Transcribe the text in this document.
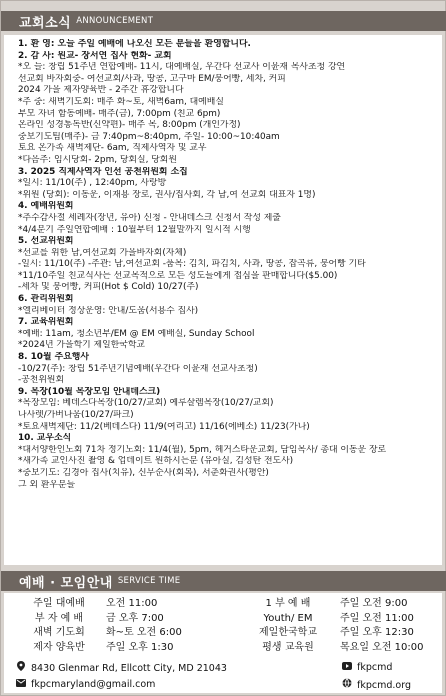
교회소식 ANNOUNCEMENT
1. 환 영: 오늘 주일 예배에 나오신 모든 분들을 환영합니다.
2. 감 사: 원교- 장서연 집사 현화- 교회
*오 늘: 창립 51주년 연합예배- 11시, 대예배실, 우간다 선교사 이윤재 목사초청 강연
선교회 바자회중- 여선교회/사과, 땅콩, 고구마 EM/붕어빵, 세차, 커피
2024 가을 제자양육반 - 2주간 휴강합니다
*주 중: 새벽기도회: 매주 화~토, 새벽6am, 대예배실
부모 자녀 함동예배- 매주(금), 7:00pm (친교 6pm)
온라인 성경통독반(신약편)- 매주 목, 8:00pm (개인가정)
중보기도팀(매주)- 금 7:40pm~8:40pm, 주일- 10:00~10:40am
토요 온가족 새벽제단- 6am, 직제사역자 및 교우
*다음주: 임시당회- 2pm, 당회실, 당회원
3. 2025 직제사역자 인선 공천위원회 소집
*일시: 11/10(주) , 12:40pm, 사랑방
*위원 (당회): 이동운, 이재용 장로, 권사/집사회, 각 남,여 선교회 대표자 1명)
4. 예배위원회
*추수감사절 세례자(장년, 유아) 신청 - 안내데스크 신청서 작성 제출
*4/4분기 주일연합예배 : 10월부터 12월말까지 일시적 시행
5. 선교위원회
*선교를 위한 남,여선교회 가을바자회(자체)
-일시: 11/10(주) -주관: 남,여선교회 -품목: 김치, 파김치, 사과, 땅콩, 잡곡류, 붕어빵 기타
*11/10주일 친교식사는 선교목적으로 모든 성도들에게 접심을 판매합니다($5.00)
-세차 및 붕어빵, 커피(Hot $ Cold) 10/27(주)
6. 관리위원회
*엘리베이터 정상운영: 안내/도움(서용수 집사)
7. 교육위원회
*예배: 11am, 청소년부/EM @ EM 예배실, Sunday School
*2024년 가을학기 제일한국학교
8. 10월 주요행사
-10/27(주): 창립 51주년기념예배(우간다 이윤재 선교사초청)
-공천위원회
9. 목장(10월 목장모임 안내데스크)
*목장모임: 베데스다목장(10/27/교회) 예루살렘목장(10/27/교회)
나사렛/가버나움(10/27/파크)
*토요새벽제단: 11/2(베데스다) 11/9(여리고) 11/16(에베소) 11/23(가나)
10. 교우소식
*대서양한인노회 71차 정기노회: 11/4(월), 5pm, 헤거스타운교회, 담임목사/ 총대 이동운 장로
*새가족 교인사진 촬영 & 업데이트 원하시는분 (유아실, 김성탄 전도사)
*중보기도: 김경아 집사(치유), 신무순사(회복), 서춘화권사(평안)
그 외 환우분들
예배 · 모임안내 SERVICE TIME
주일 대예배	오전 11:00	1 부 예 배	주일 오전 9:00
부 자 예 배	금 오후 7:00	Youth/ EM	주일 오전 11:00
새벽 기도회	화~토 오전 6:00	제일한국학교	주일 오후 12:30
제자 양육반	주일 오후 1:30	평생 교육원	목요일 오전 10:00
8430 Glenmar Rd, Ellcott City, MD 21043	fkpcmd
fkpcmaryland@gmail.com	fkpcmd.org
